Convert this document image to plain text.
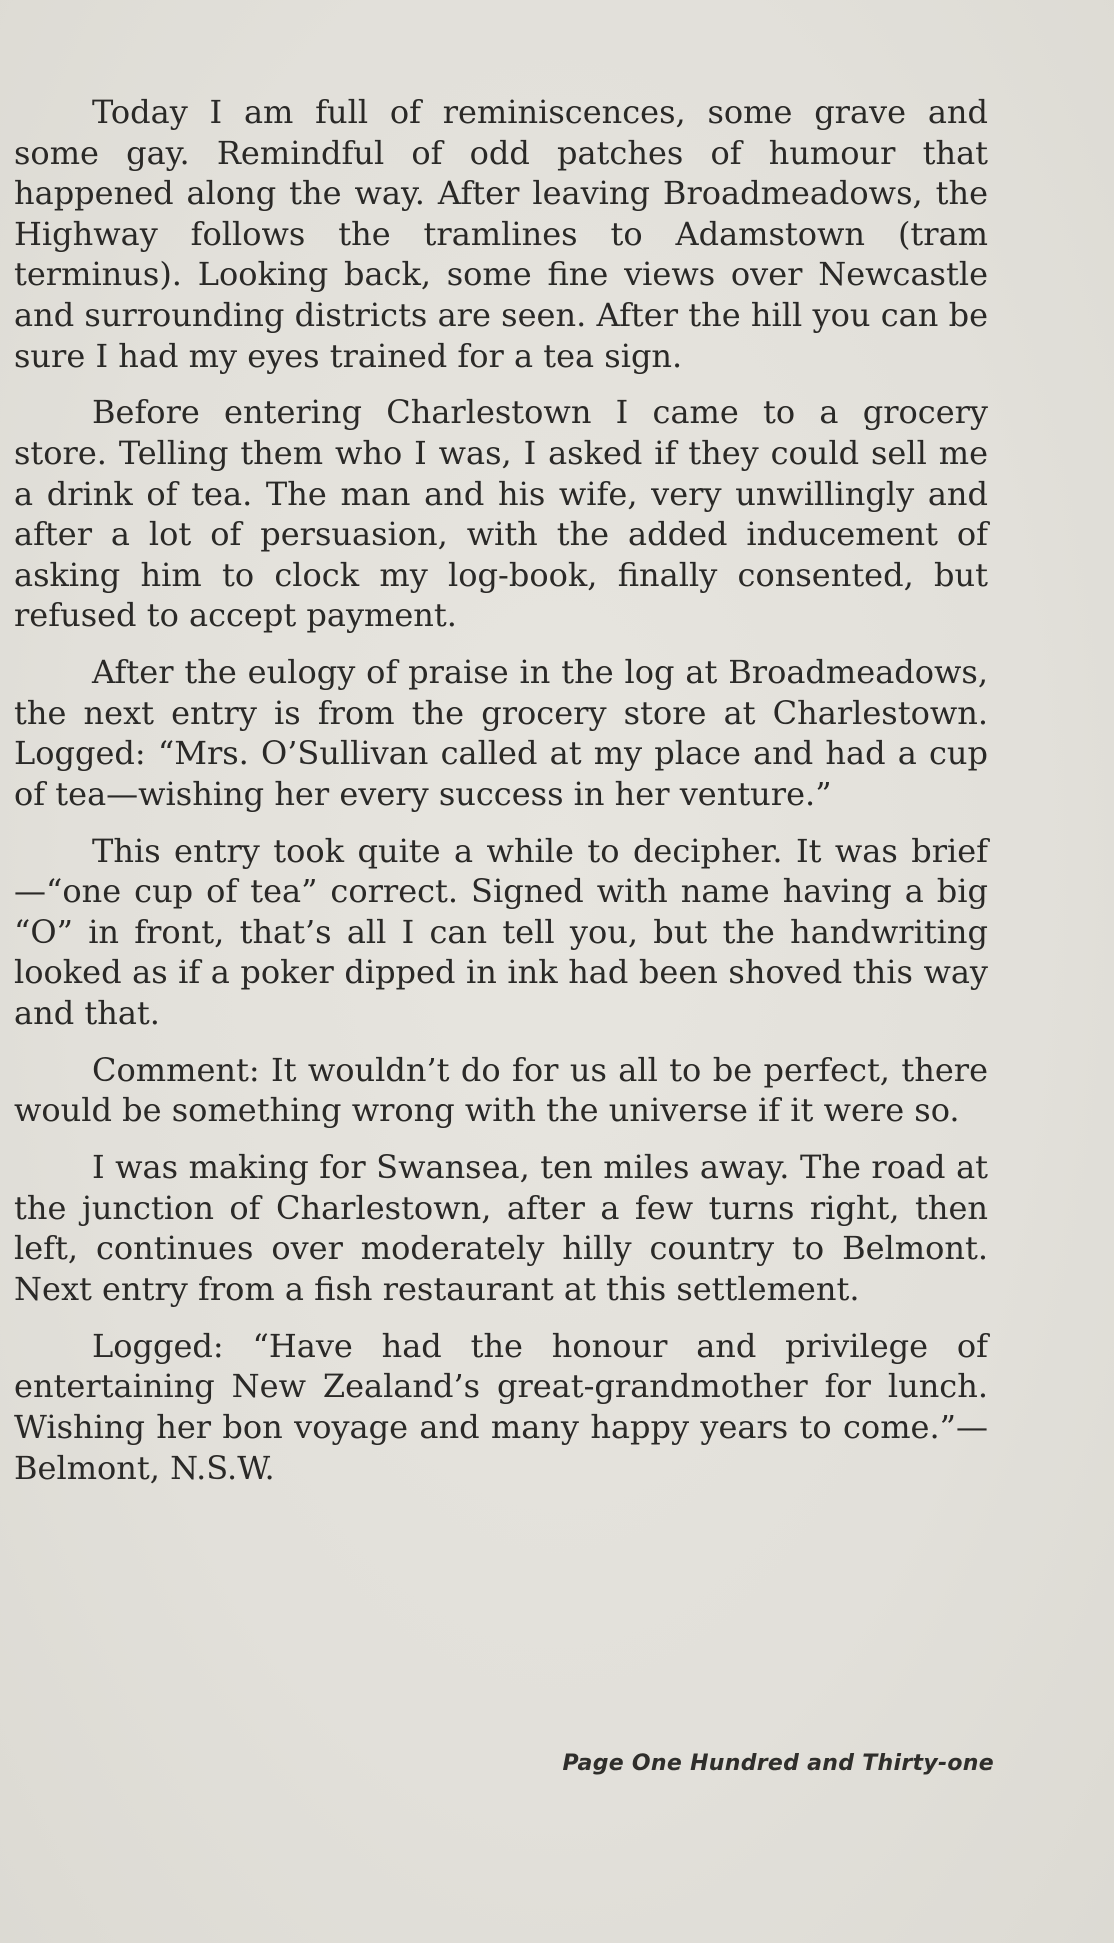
Today I am full of reminiscences, some grave and some gay. Remindful of odd patches of humour that happened along the way. After leaving Broadmeadows, the Highway follows the tramlines to Adamstown (tram terminus). Looking back, some fine views over Newcastle and surrounding districts are seen. After the hill you can be sure I had my eyes trained for a tea sign.

Before entering Charlestown I came to a grocery store. Telling them who I was, I asked if they could sell me a drink of tea. The man and his wife, very unwillingly and after a lot of persuasion, with the added inducement of asking him to clock my log-book, finally consented, but refused to accept payment.

After the eulogy of praise in the log at Broadmeadows, the next entry is from the grocery store at Charlestown. Logged: “Mrs. O’Sullivan called at my place and had a cup of tea—wishing her every success in her venture.”

This entry took quite a while to decipher. It was brief—“one cup of tea” correct. Signed with name having a big “O” in front, that’s all I can tell you, but the handwriting looked as if a poker dipped in ink had been shoved this way and that.

Comment: It wouldn’t do for us all to be perfect, there would be something wrong with the universe if it were so.

I was making for Swansea, ten miles away. The road at the junction of Charlestown, after a few turns right, then left, continues over moderately hilly country to Belmont. Next entry from a fish restaurant at this settlement.

Logged: “Have had the honour and privilege of entertaining New Zealand’s great-grandmother for lunch. Wishing her bon voyage and many happy years to come.”—Belmont, N.S.W.

Page One Hundred and Thirty-one
